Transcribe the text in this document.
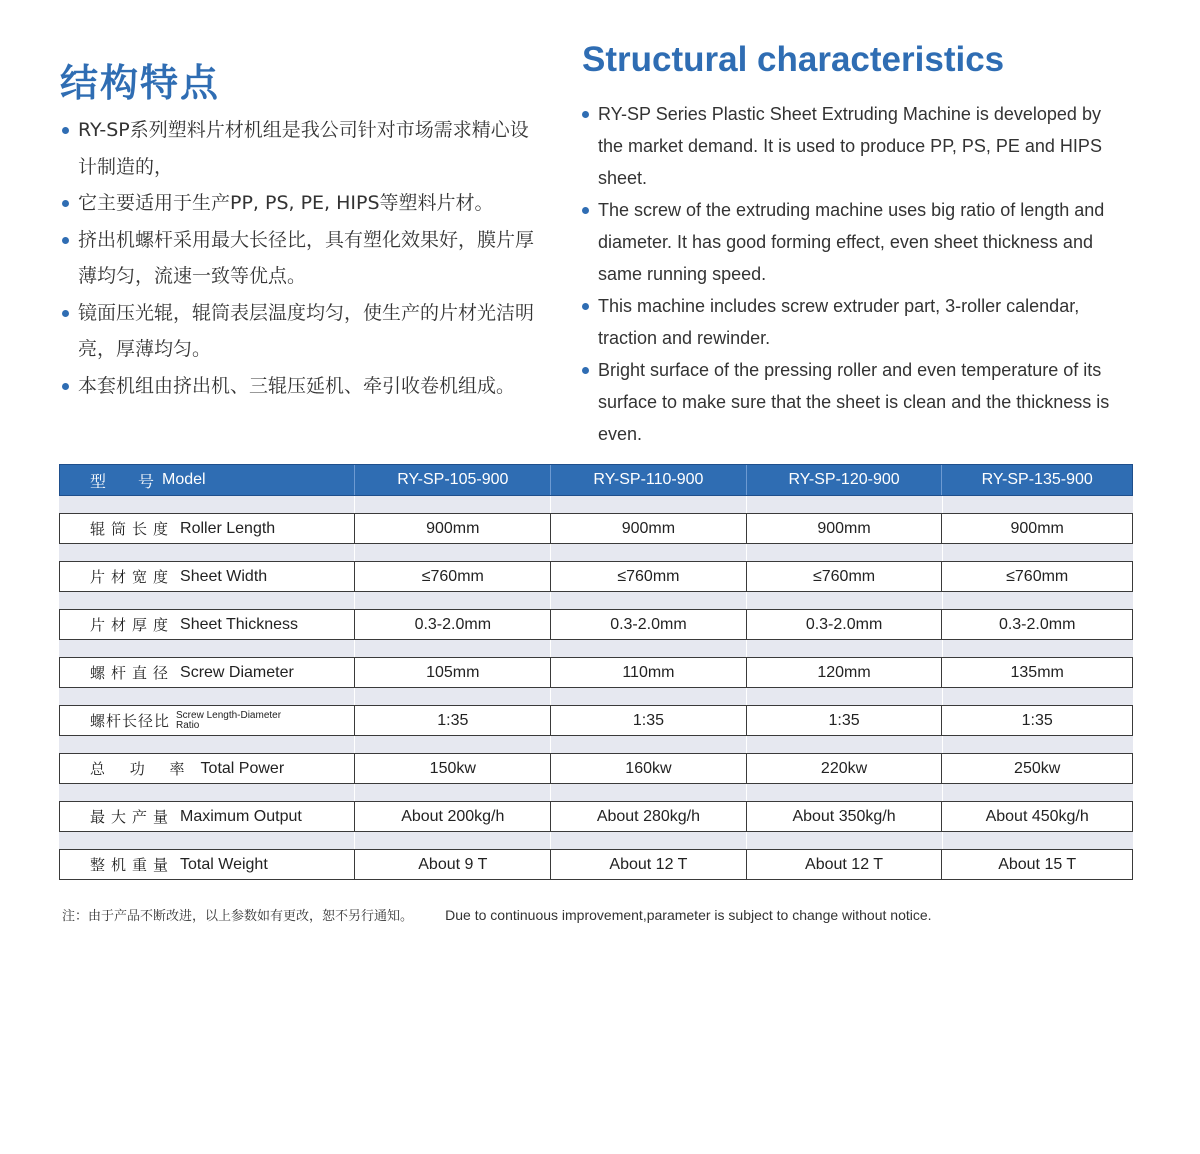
结构特点
RY-SP系列塑料片材机组是我公司针对市场需求精心设计制造的，
它主要适用于生产PP, PS, PE, HIPS等塑料片材。
挤出机螺杆采用最大长径比，具有塑化效果好，膜片厚薄均匀，流速一致等优点。
镜面压光辊，辊筒表层温度均匀，使生产的片材光洁明亮，厚薄均匀。
本套机组由挤出机、三辊压延机、牵引收卷机组成。
Structural characteristics
RY-SP Series Plastic Sheet Extruding Machine is developed by the market demand. It is used to produce PP, PS, PE and HIPS sheet.
The screw of the extruding machine uses big ratio of length and diameter. It has good forming effect, even sheet thickness and same running speed.
This machine includes screw extruder part, 3-roller calendar, traction and rewinder.
Bright surface of the pressing roller and even temperature of its surface to make sure that the sheet is clean and the thickness is even.
型　　号 Model	RY-SP-105-900	RY-SP-110-900	RY-SP-120-900	RY-SP-135-900
辊筒长度 Roller Length	900mm	900mm	900mm	900mm
片材宽度 Sheet Width	≤760mm	≤760mm	≤760mm	≤760mm
片材厚度 Sheet Thickness	0.3-2.0mm	0.3-2.0mm	0.3-2.0mm	0.3-2.0mm
螺杆直径 Screw Diameter	105mm	110mm	120mm	135mm
螺杆长径比 Screw Length-Diameter Ratio	1:35	1:35	1:35	1:35
总 功 率 Total Power	150kw	160kw	220kw	250kw
最大产量 Maximum Output	About 200kg/h	About 280kg/h	About 350kg/h	About 450kg/h
整机重量 Total Weight	About 9 T	About 12 T	About 12 T	About 15 T
注：由于产品不断改进，以上参数如有更改，恕不另行通知。 Due to continuous improvement,parameter is subject to change without notice.
